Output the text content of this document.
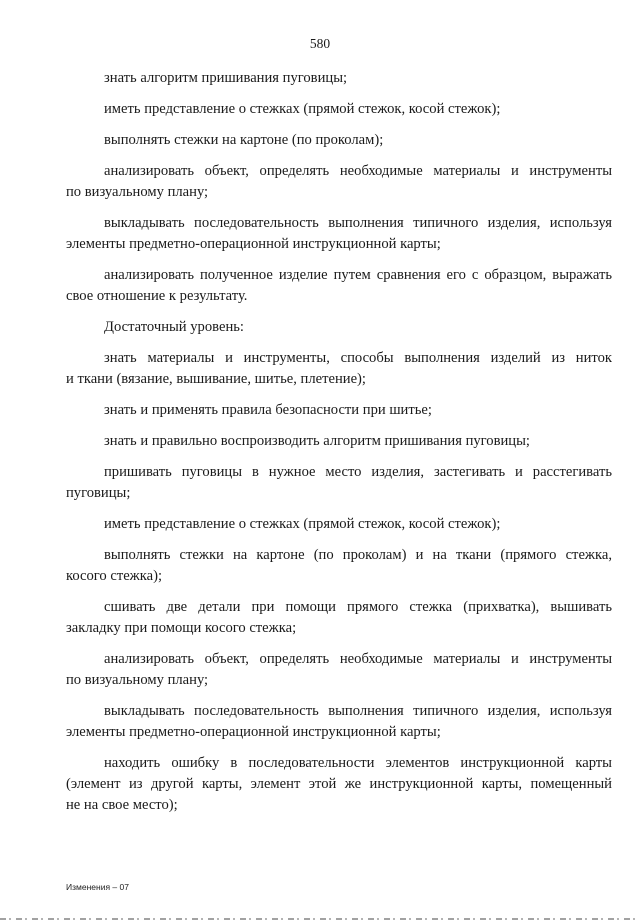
580

знать алгоритм пришивания пуговицы;

иметь представление о стежках (прямой стежок, косой стежок);

выполнять стежки на картоне (по проколам);

анализировать объект, определять необходимые материалы и инструменты
по визуальному плану;

выкладывать последовательность выполнения типичного изделия, используя
элементы предметно-операционной инструкционной карты;

анализировать полученное изделие путем сравнения его с образцом, выражать
свое отношение к результату.

Достаточный уровень:

знать материалы и инструменты, способы выполнения изделий из ниток
и ткани (вязание, вышивание, шитье, плетение);

знать и применять правила безопасности при шитье;

знать и правильно воспроизводить алгоритм пришивания пуговицы;

пришивать пуговицы в нужное место изделия, застегивать и расстегивать
пуговицы;

иметь представление о стежках (прямой стежок, косой стежок);

выполнять стежки на картоне (по проколам) и на ткани (прямого стежка,
косого стежка);

сшивать две детали при помощи прямого стежка (прихватка), вышивать
закладку при помощи косого стежка;

анализировать объект, определять необходимые материалы и инструменты
по визуальному плану;

выкладывать последовательность выполнения типичного изделия, используя
элементы предметно-операционной инструкционной карты;

находить ошибку в последовательности элементов инструкционной карты
(элемент из другой карты, элемент этой же инструкционной карты, помещенный
не на свое место);

Изменения – 07
